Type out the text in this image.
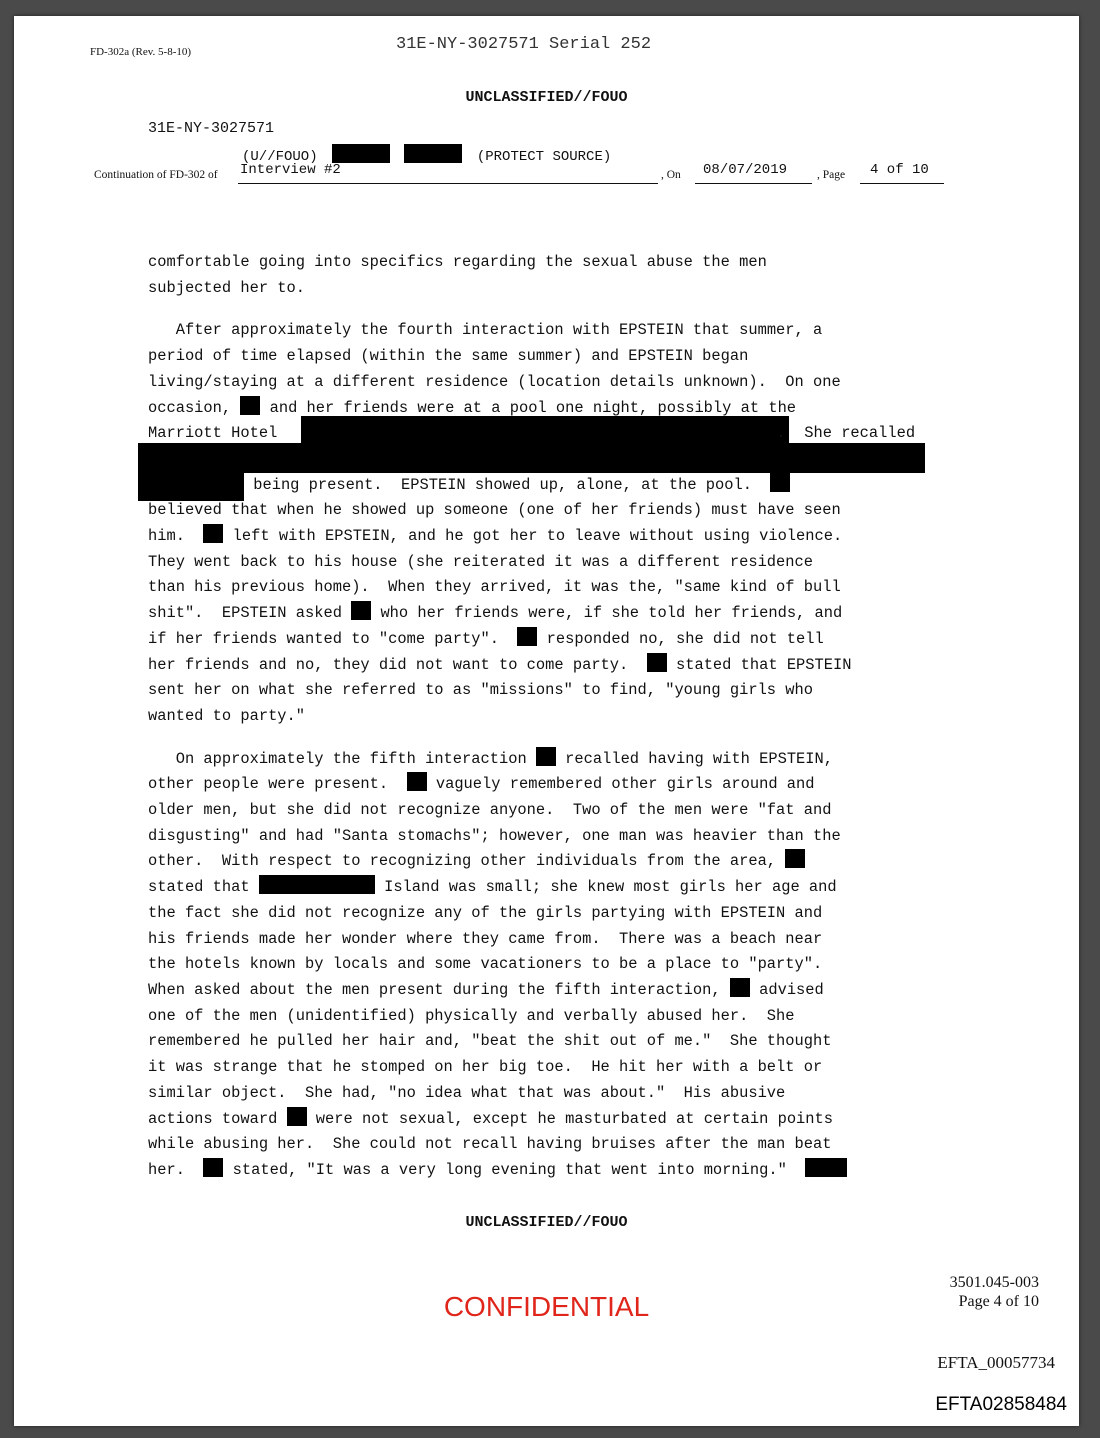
FD-302a (Rev. 5-8-10)	31E-NY-3027571 Serial 252
UNCLASSIFIED//FOUO
31E-NY-3027571
(U//FOUO)	(PROTECT SOURCE)
Continuation of FD-302 of Interview #2	, On 08/07/2019	, Page 4 of 10

comfortable going into specifics regarding the sexual abuse the men
subjected her to.

After approximately the fourth interaction with EPSTEIN that summer, a
period of time elapsed (within the same summer) and EPSTEIN began
living/staying at a different residence (location details unknown).  On one
occasion,  and her friends were at a pool one night, possibly at the
Marriott Hotel	.  She recalled

being present.  EPSTEIN showed up, alone, at the pool.
believed that when he showed up someone (one of her friends) must have seen
him.   left with EPSTEIN, and he got her to leave without using violence.
They went back to his house (she reiterated it was a different residence
than his previous home).  When they arrived, it was the, "same kind of bull
shit".  EPSTEIN asked  who her friends were, if she told her friends, and
if her friends wanted to "come party".   responded no, she did not tell
her friends and no, they did not want to come party.   stated that EPSTEIN
sent her on what she referred to as "missions" to find, "young girls who
wanted to party."

On approximately the fifth interaction  recalled having with EPSTEIN,
other people were present.   vaguely remembered other girls around and
older men, but she did not recognize anyone.  Two of the men were "fat and
disgusting" and had "Santa stomachs"; however, one man was heavier than the
other.  With respect to recognizing other individuals from the area,
stated that	Island was small; she knew most girls her age and
the fact she did not recognize any of the girls partying with EPSTEIN and
his friends made her wonder where they came from.  There was a beach near
the hotels known by locals and some vacationers to be a place to "party".
When asked about the men present during the fifth interaction,  advised
one of the men (unidentified) physically and verbally abused her.  She
remembered he pulled her hair and, "beat the shit out of me."  She thought
it was strange that he stomped on her big toe.  He hit her with a belt or
similar object.  She had, "no idea what that was about."  His abusive
actions toward  were not sexual, except he masturbated at certain points
while abusing her.  She could not recall having bruises after the man beat
her.   stated, "It was a very long evening that went into morning."

UNCLASSIFIED//FOUO
CONFIDENTIAL
3501.045-003
Page 4 of 10
EFTA_00057734
EFTA02858484
